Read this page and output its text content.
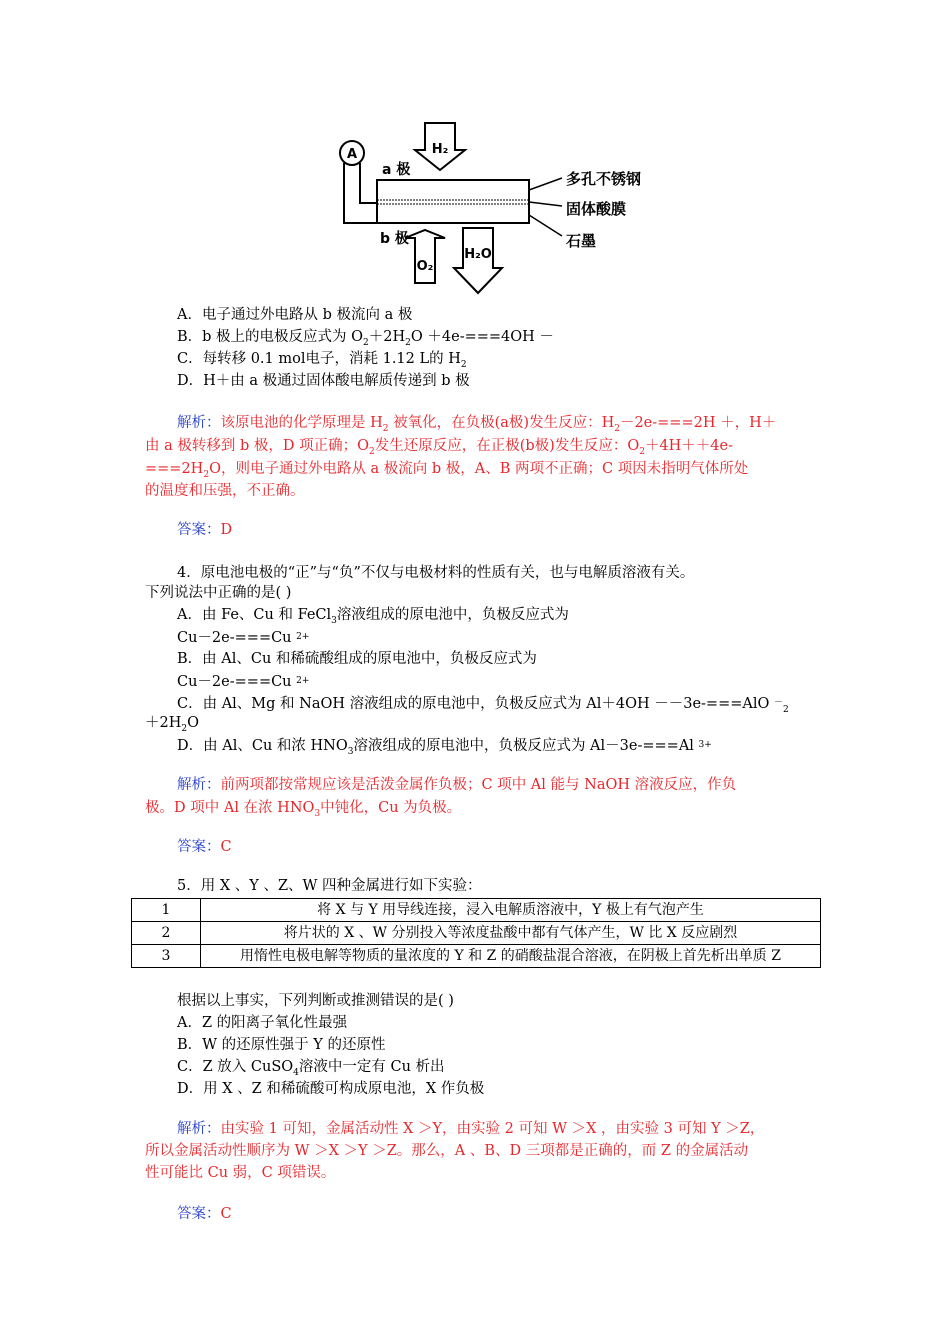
A	H₂
a 极
b 极
O₂
H₂O
多孔不锈钢
固体酸膜
石墨
A．电子通过外电路从 b 极流向 a 极
B．b 极上的电极反应式为 $O_2+2H_2O +4e-===4OH$ －
C．每转移 0.1 mol电子，消耗 1.12 L的 $H_2$
D．H＋由 a 极通过固体酸电解质传递到 b 极
解析：该原电池的化学原理是 $H_2$ 被氧化，在负极(a极)发生反应：$H_2-2e-===2H$ ＋，H＋
由 a 极转移到 b 极，D 项正确；$O_2$发生还原反应，在正极(b极)发生反应：$O_2+4H++4e-$
$===2H_2O$，则电子通过外电路从 a 极流向 b 极，A、B 两项不正确；C 项因未指明气体所处
的温度和压强，不正确。
答案：D
4．原电池电极的“正”与“负”不仅与电极材料的性质有关，也与电解质溶液有关。
下列说法中正确的是( )
A．由 Fe、Cu 和 FeCl$_3$溶液组成的原电池中，负极反应式为
Cu－2e-===Cu $^{2+}$
B．由 Al、Cu 和稀硫酸组成的原电池中，负极反应式为
Cu－2e-===Cu $^{2+}$
C．由 Al、Mg 和 NaOH 溶液组成的原电池中，负极反应式为 Al＋4OH －－3e-===AlO －$_2$
$+2H_2O$
D．由 Al、Cu 和浓 $HNO_3$溶液组成的原电池中，负极反应式为 Al－3e-===Al $^{3+}$
解析：前两项都按常规应该是活泼金属作负极；C 项中 Al 能与 NaOH 溶液反应，作负
极。D 项中 Al 在浓 $HNO_3$中钝化，Cu 为负极。
答案：C
5．用 X 、Y 、Z、W 四种金属进行如下实验：
1	将 X 与 Y 用导线连接，浸入电解质溶液中，Y 极上有气泡产生
2	将片状的 X 、W 分别投入等浓度盐酸中都有气体产生，W 比 X 反应剧烈
3	用惰性电极电解等物质的量浓度的 Y 和 Z 的硝酸盐混合溶液，在阴极上首先析出单质 Z
根据以上事实，下列判断或推测错误的是( )
A．Z 的阳离子氧化性最强
B．W 的还原性强于 Y 的还原性
C．Z 放入 CuSO$_4$溶液中一定有 Cu 析出
D．用 X 、Z 和稀硫酸可构成原电池，X 作负极
解析：由实验 1 可知，金属活动性 X ＞Y，由实验 2 可知 W ＞X ，由实验 3 可知 Y ＞Z，
所以金属活动性顺序为 W ＞X ＞Y ＞Z。那么，A 、B、D 三项都是正确的，而 Z 的金属活动
性可能比 Cu 弱，C 项错误。
答案：C
